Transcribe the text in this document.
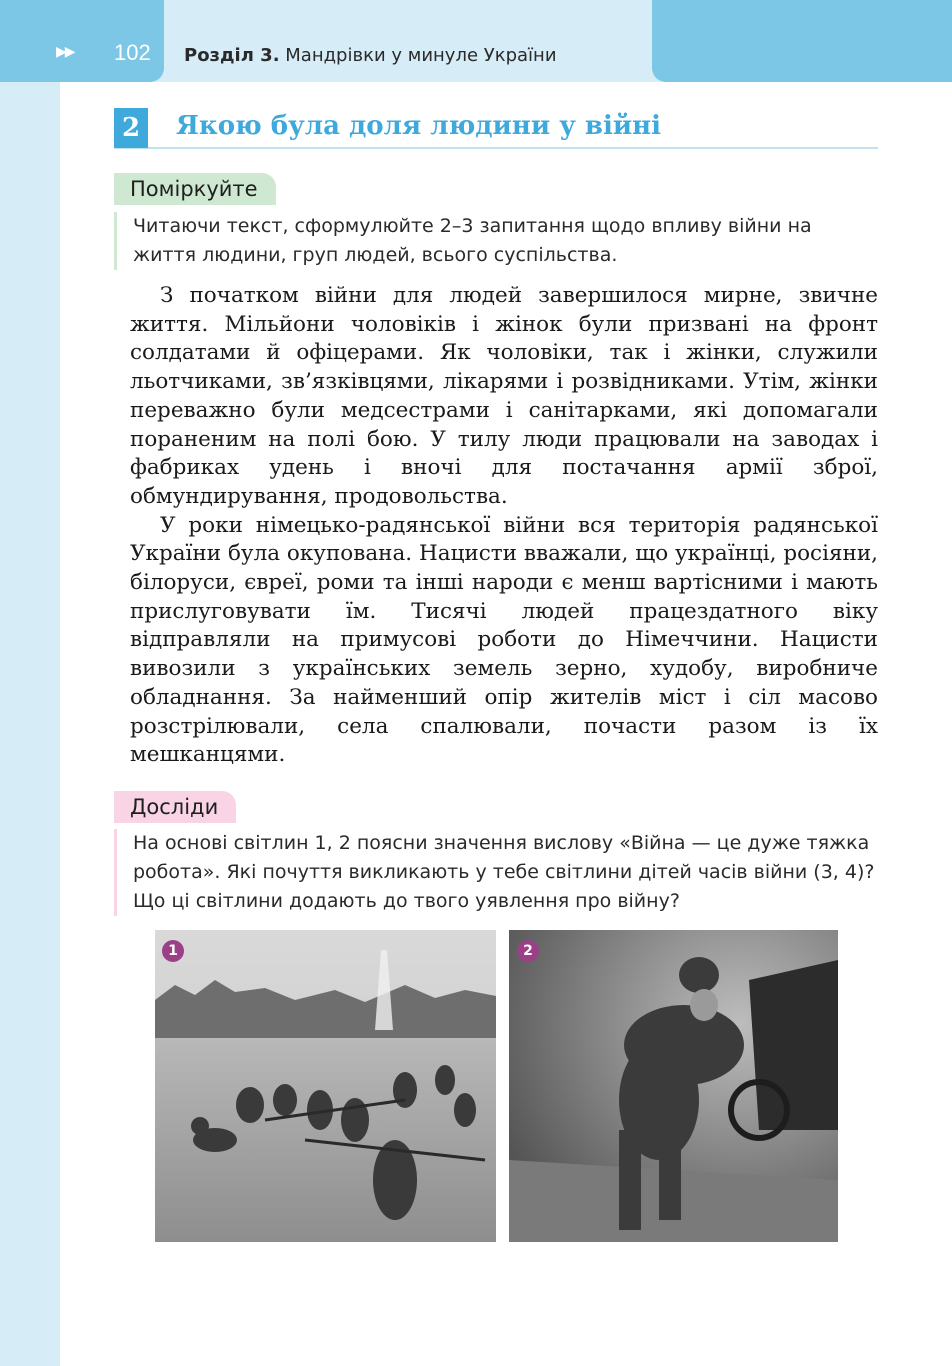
▶▶ 102 Розділ 3. Мандрівки у минуле України
2	Якою була доля людини у війні
Поміркуйте
Читаючи текст, сформулюйте 2–3 запитання щодо впливу війни на життя людини, груп людей, всього суспільства.

З початком війни для людей завершилося мирне, звичне життя. Мільйони чоловіків і жінок були призвані на фронт солдатами й офіцерами. Як чоловіки, так і жінки, служили льотчиками, зв’язківцями, лікарями і розвідниками. Утім, жінки переважно були медсестрами і санітарками, які допомагали пораненим на полі бою. У тилу люди працювали на заводах і фабриках удень і вночі для постачання армії зброї, обмундирування, продовольства.

У роки німецько-радянської війни вся територія радянської України була окупована. Нацисти вважали, що українці, росіяни, білоруси, євреї, роми та інші народи є менш вартісними і мають прислуговувати їм. Тисячі людей працездатного віку відправляли на примусові роботи до Німеччини. Нацисти вивозили з українських земель зерно, худобу, виробниче обладнання. За найменший опір жителів міст і сіл масово розстрілювали, села спалювали, почасти разом із їх мешканцями.

Досліди
На основі світлин 1, 2 поясни значення вислову «Війна — це дуже тяжка робота». Які почуття викликають у тебе світлини дітей часів війни (3, 4)? Що ці світлини додають до твого уявлення про війну?
1	2
